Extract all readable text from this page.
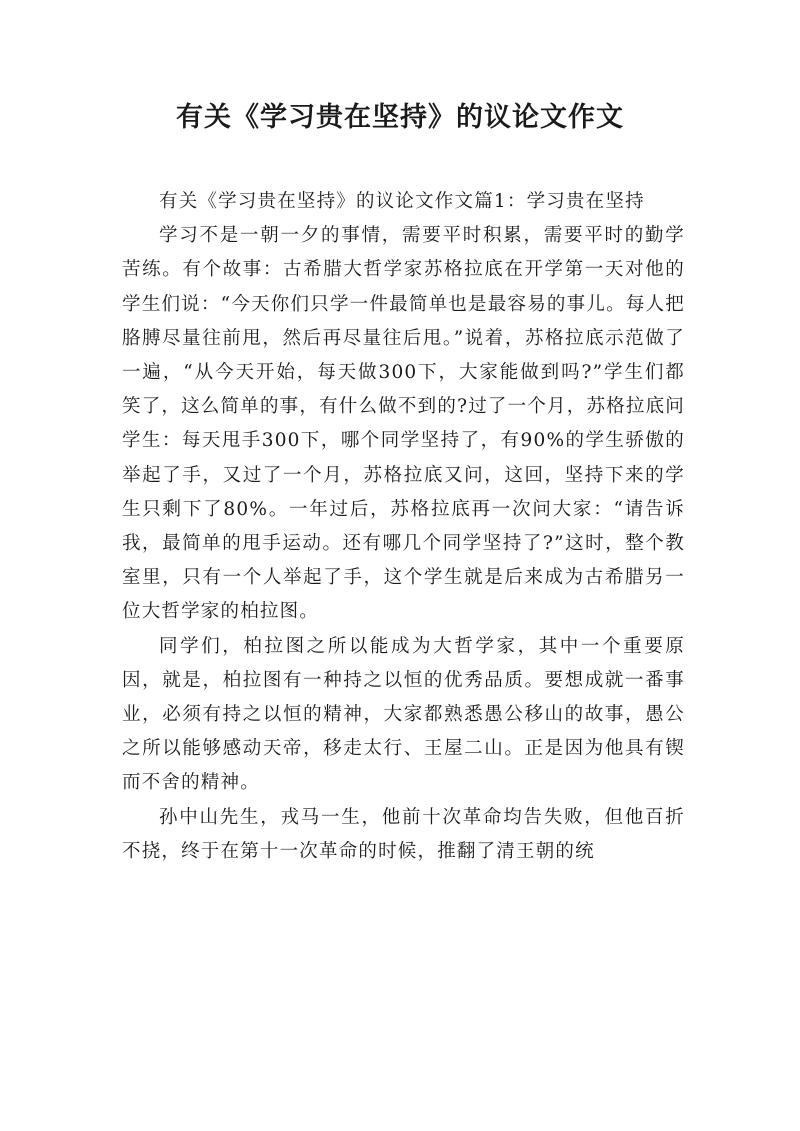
有关《学习贵在坚持》的议论文作文

有关《学习贵在坚持》的议论文作文篇1：学习贵在坚持

学习不是一朝一夕的事情，需要平时积累，需要平时的勤学苦练。有个故事：古希腊大哲学家苏格拉底在开学第一天对他的学生们说：“今天你们只学一件最简单也是最容易的事儿。每人把胳膊尽量往前甩，然后再尽量往后甩。”说着，苏格拉底示范做了一遍，“从今天开始，每天做300下，大家能做到吗?”学生们都笑了，这么简单的事，有什么做不到的?过了一个月，苏格拉底问学生：每天甩手300下，哪个同学坚持了，有90%的学生骄傲的举起了手，又过了一个月，苏格拉底又问，这回，坚持下来的学生只剩下了80%。一年过后，苏格拉底再一次问大家：“请告诉我，最简单的甩手运动。还有哪几个同学坚持了?”这时，整个教室里，只有一个人举起了手，这个学生就是后来成为古希腊另一位大哲学家的柏拉图。

同学们，柏拉图之所以能成为大哲学家，其中一个重要原因，就是，柏拉图有一种持之以恒的优秀品质。要想成就一番事业，必须有持之以恒的精神，大家都熟悉愚公移山的故事，愚公之所以能够感动天帝，移走太行、王屋二山。正是因为他具有锲而不舍的精神。

孙中山先生，戎马一生，他前十次革命均告失败，但他百折不挠，终于在第十一次革命的时候，推翻了清王朝的统
